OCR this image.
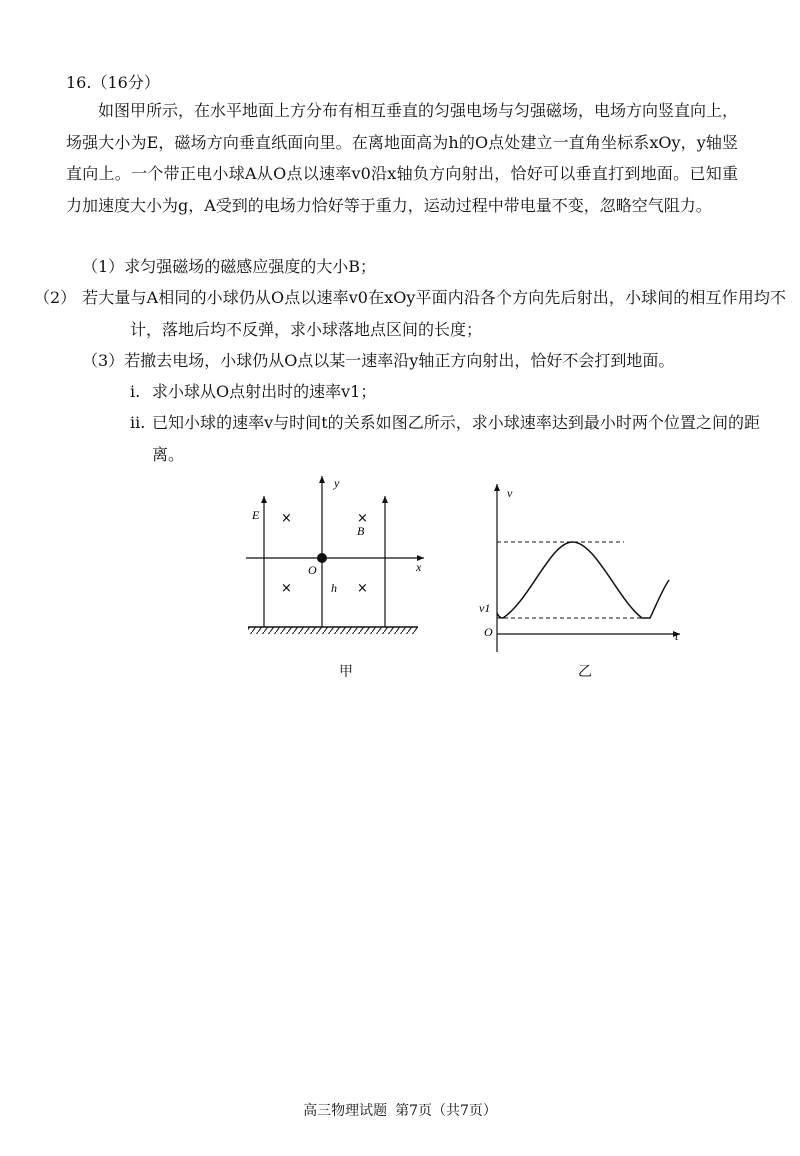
16.（16分）
如图甲所示，在水平地面上方分布有相互垂直的匀强电场与匀强磁场，电场方向竖直向上，场强大小为E，磁场方向垂直纸面向里。在离地面高为h的O点处建立一直角坐标系xOy，y轴竖直向上。一个带正电小球A从O点以速率v0沿x轴负方向射出，恰好可以垂直打到地面。已知重力加速度大小为g，A受到的电场力恰好等于重力，运动过程中带电量不变，忽略空气阻力。
（1）求匀强磁场的磁感应强度的大小B；
（2） 若大量与A相同的小球仍从O点以速率v0在xOy平面内沿各个方向先后射出，小球间的相互作用均不计，落地后均不反弹，求小球落地点区间的长度；
（3）若撤去电场，小球仍从O点以某一速率沿y轴正方向射出，恰好不会打到地面。
i. 求小球从O点射出时的速率v1；
ii. 已知小球的速率v与时间t的关系如图乙所示，求小球速率达到最小时两个位置之间的距离。
E
y
B
O
h
x
×	×
×	×
v
v1
O	t
甲	乙
高三物理试题 第7页（共7页）
